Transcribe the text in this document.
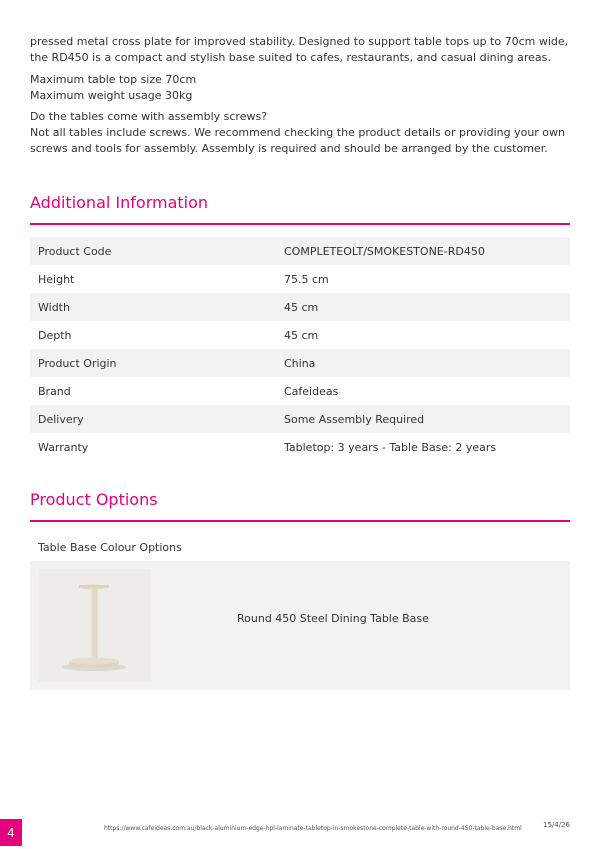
pressed metal cross plate for improved stability. Designed to support table tops up to 70cm wide, the RD450 is a compact and stylish base suited to cafes, restaurants, and casual dining areas.

Maximum table top size 70cm

Maximum weight usage 30kg

Do the tables come with assembly screws?

Not all tables include screws. We recommend checking the product details or providing your own screws and tools for assembly. Assembly is required and should be arranged by the customer.

Additional Information
Product Code	COMPLETEOLT/SMOKESTONE-RD450
Height	75.5 cm
Width	45 cm
Depth	45 cm
Product Origin	China
Brand	Cafeideas
Delivery	Some Assembly Required
Warranty	Tabletop: 3 years - Table Base: 2 years
Product Options
Table Base Colour Options
Round 450 Steel Dining Table Base
4	https://www.cafeideas.com.au/black-aluminium-edge-hpl-laminate-tabletop-in-smokestone-complete-table-with-round-450-table-base.html	15/4/26
